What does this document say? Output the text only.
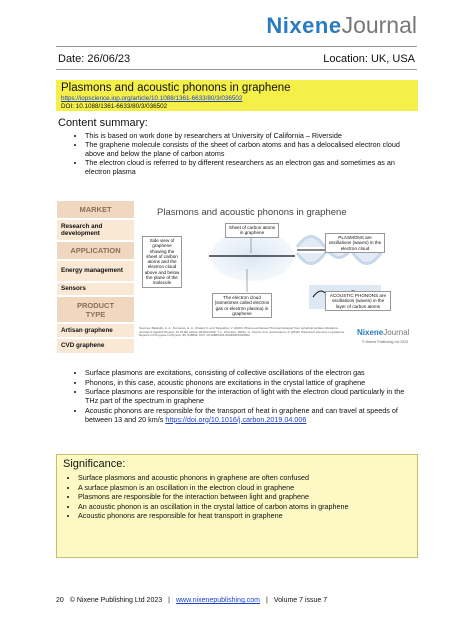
NixeneJournal
Date: 26/06/23	Location: UK, USA
Plasmons and acoustic phonons in graphene
https://iopscience.iop.org/article/10.1088/1361-6633/80/3/036502
DOI: 10.1088/1361-6633/80/3/036502
Content summary:
• This is based on work done by researchers at University of California – Riverside
• The graphene molecule consists of the sheet of carbon atoms and has a delocalised electron cloud above and below the plane of carbon atoms
• The electron cloud is referred to by different researchers as an electron gas and sometimes as an electron plasma
MARKET
Research and development
APPLICATION
Energy management
Sensors
PRODUCT TYPE
Artisan graphene
CVD graphene
Plasmons and acoustic phonons in graphene
Sheet of carbon atoms in graphene
Side view of graphene showing the sheet of carbon atoms and the electron cloud above and below the plane of the molecule
The electron cloud (sometimes called electron gas or electron plasma) in graphene
PLASMONS are oscillations (waves) in the electron cloud
ACOUSTIC PHONONS are oscillations (waves) in the layer of carbon atoms
Sources: Balandin, A. A., Fomenko, G. A., Khaled, F. and Torgashev, V. (2023). Phonon-enhanced Thermal transport from spherical surface vibrations... Journal of Applied Physics. 10.1016/j.carbon.2019.04.006. Y. L. Voronkov, Nikitin. G., Petrov. S.G. and Fedorov. P. (2018). Plasmonic phonons in graphene. Reports on Progress in Physics. 80, 036502. DOI: 10.1088/1361-6633/80/3/036502	NixeneJournal
© Nixene Publishing Ltd 2023
• Surface plasmons are excitations, consisting of collective oscillations of the electron gas
• Phonons, in this case, acoustic phonons are excitations in the crystal lattice of graphene
• Surface plasmons are responsible for the interaction of light with the electron cloud particularly in the THz part of the spectrum in graphene
• Acoustic phonons are responsible for the transport of heat in graphene and can travel at speeds of between 13 and 20 km/s https://doi.org/10.1016/j.carbon.2019.04.006
Significance:
• Surface plasmons and acoustic phonons in graphene are often confused
• A surface plasmon is an oscillation in the electron cloud in graphene
• Plasmons are responsible for the interaction between light and graphene
• An acoustic phonon is an oscillation in the crystal lattice of carbon atoms in graphene
• Acoustic phonons are responsible for heat transport in graphene
20 © Nixene Publishing Ltd 2023 | www.nixenepublishing.com | Volume 7 issue 7
